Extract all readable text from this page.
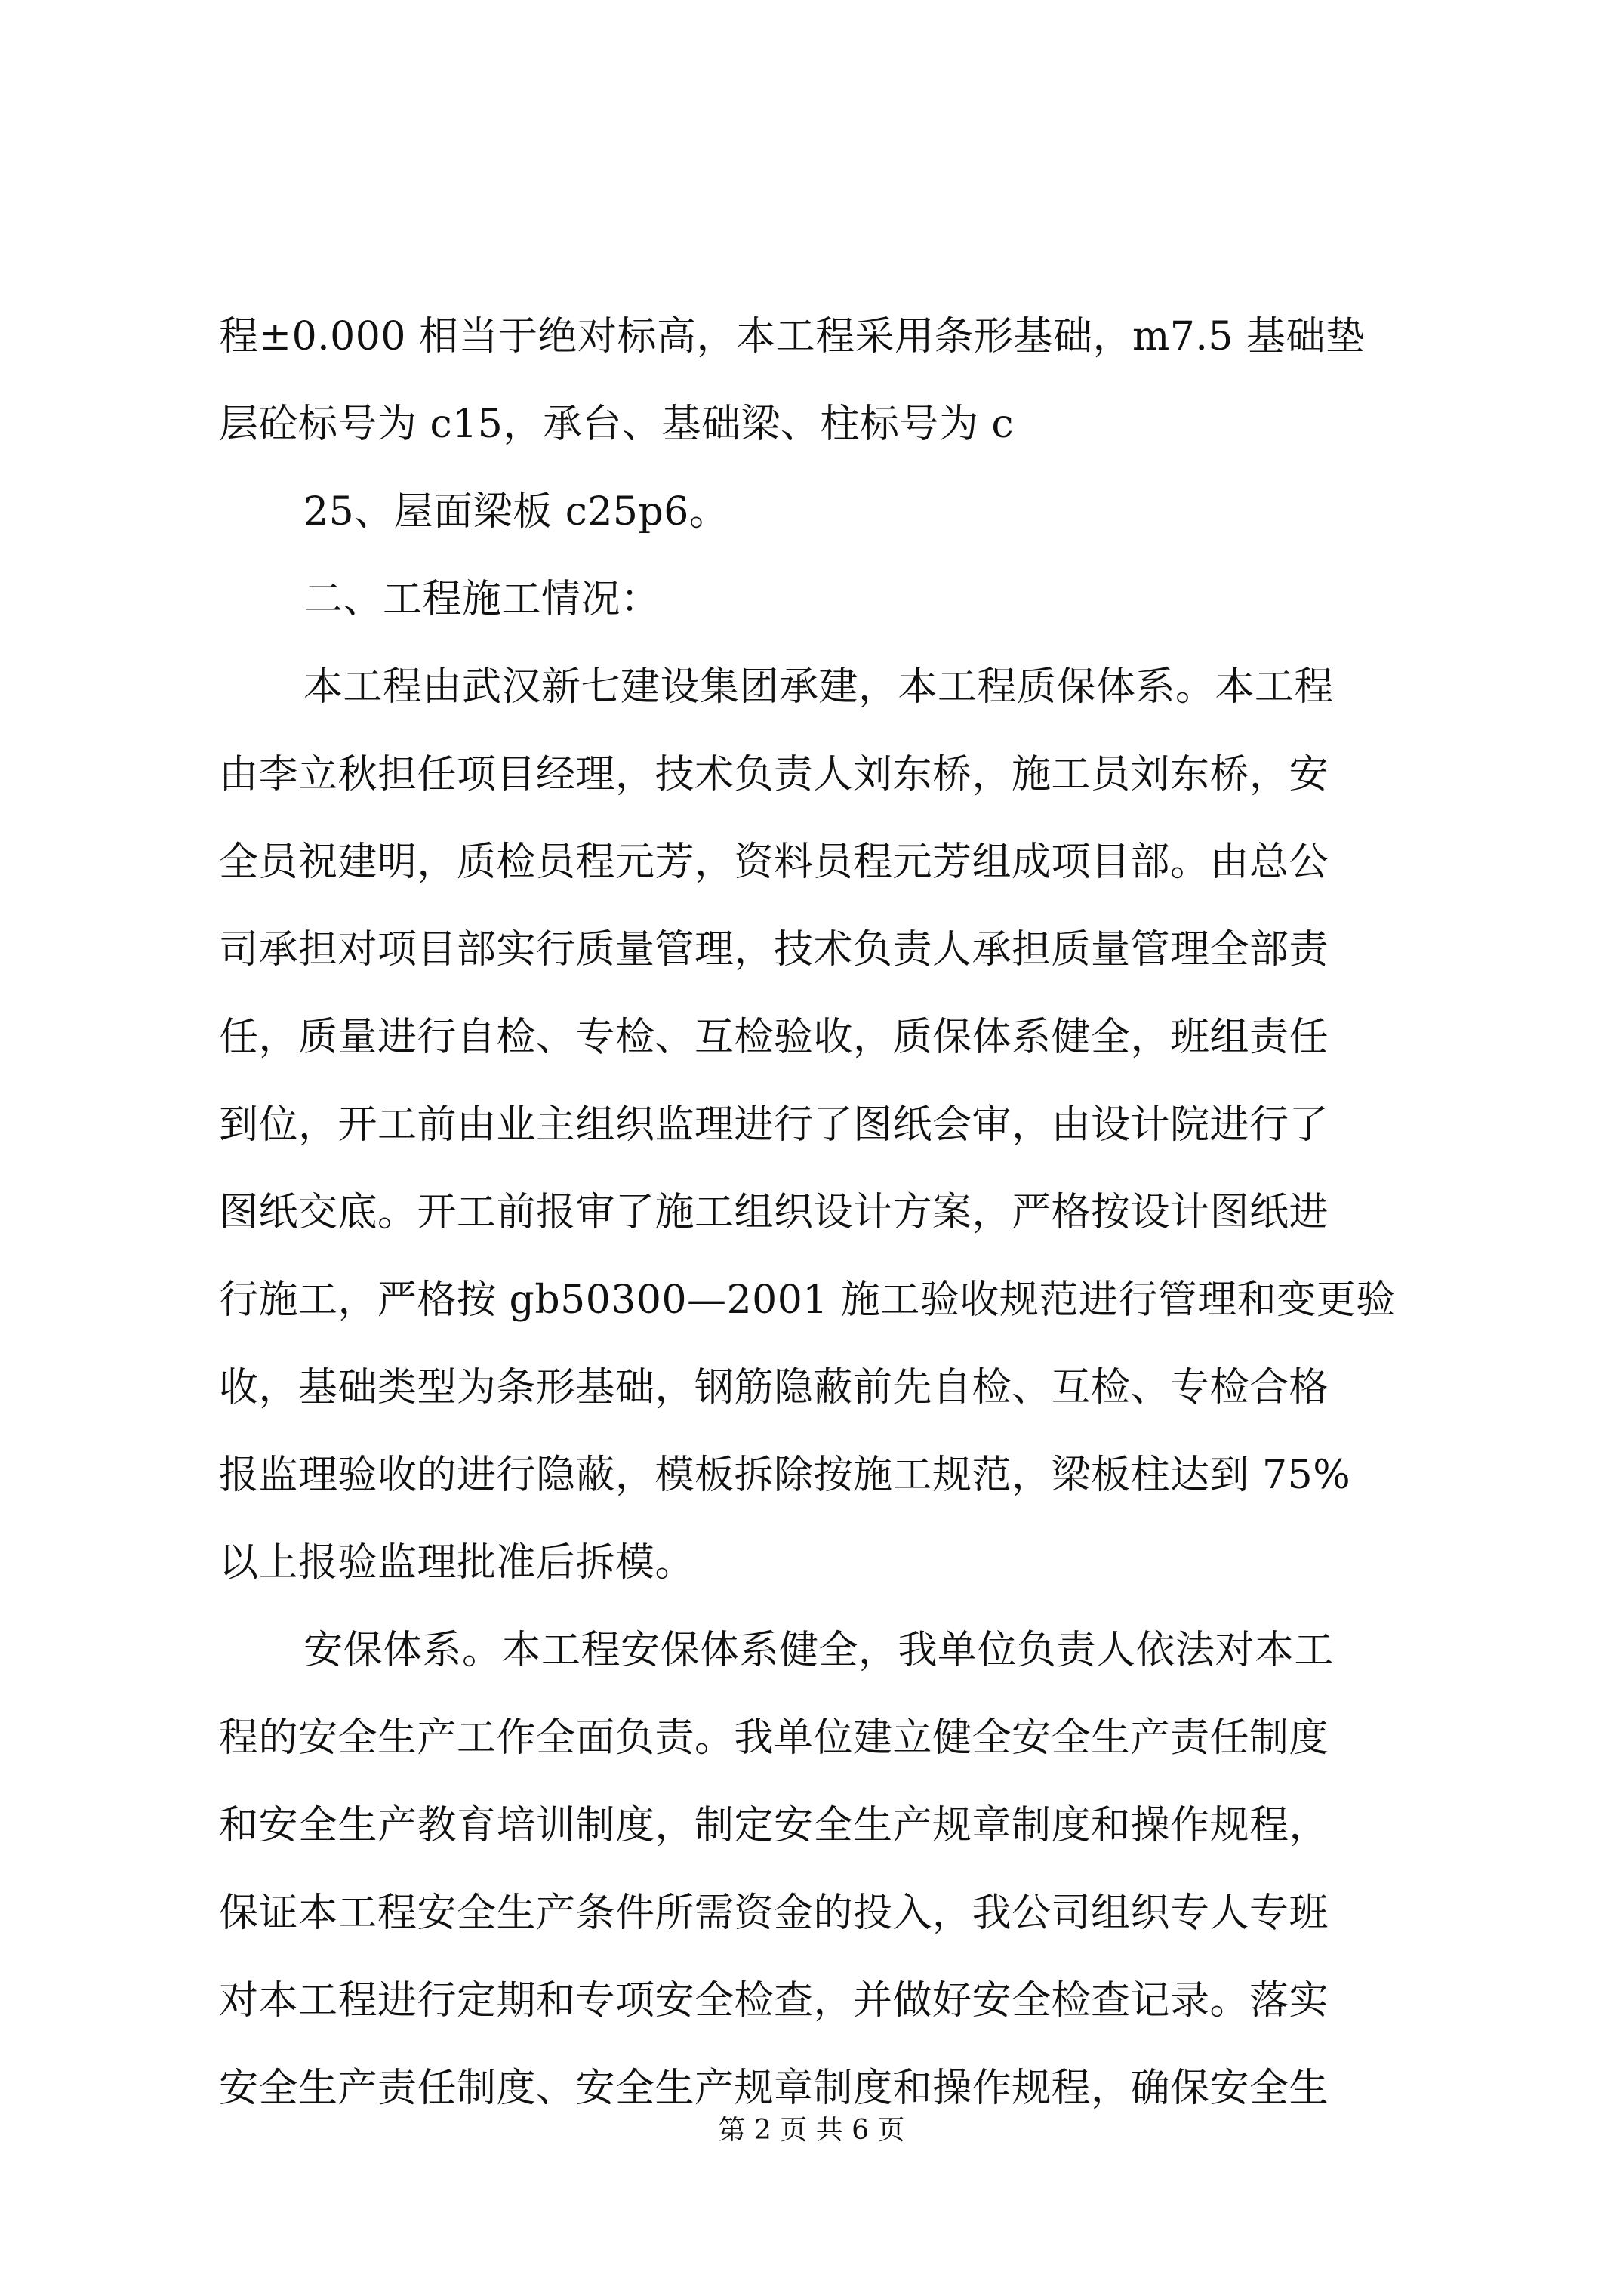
程±0.000 相当于绝对标高，本工程采用条形基础，m7.5 基础垫
层砼标号为 c15，承台、基础梁、柱标号为 c
25、屋面梁板 c25p6。
二、工程施工情况：
本工程由武汉新七建设集团承建，本工程质保体系。本工程
由李立秋担任项目经理，技术负责人刘东桥，施工员刘东桥，安
全员祝建明，质检员程元芳，资料员程元芳组成项目部。由总公
司承担对项目部实行质量管理，技术负责人承担质量管理全部责
任，质量进行自检、专检、互检验收，质保体系健全，班组责任
到位，开工前由业主组织监理进行了图纸会审，由设计院进行了
图纸交底。开工前报审了施工组织设计方案，严格按设计图纸进
行施工，严格按 gb50300—2001 施工验收规范进行管理和变更验
收，基础类型为条形基础，钢筋隐蔽前先自检、互检、专检合格
报监理验收的进行隐蔽，模板拆除按施工规范，梁板柱达到 75%
以上报验监理批准后拆模。
安保体系。本工程安保体系健全，我单位负责人依法对本工
程的安全生产工作全面负责。我单位建立健全安全生产责任制度
和安全生产教育培训制度，制定安全生产规章制度和操作规程，
保证本工程安全生产条件所需资金的投入，我公司组织专人专班
对本工程进行定期和专项安全检查，并做好安全检查记录。落实
安全生产责任制度、安全生产规章制度和操作规程，确保安全生
第 2 页 共 6 页
